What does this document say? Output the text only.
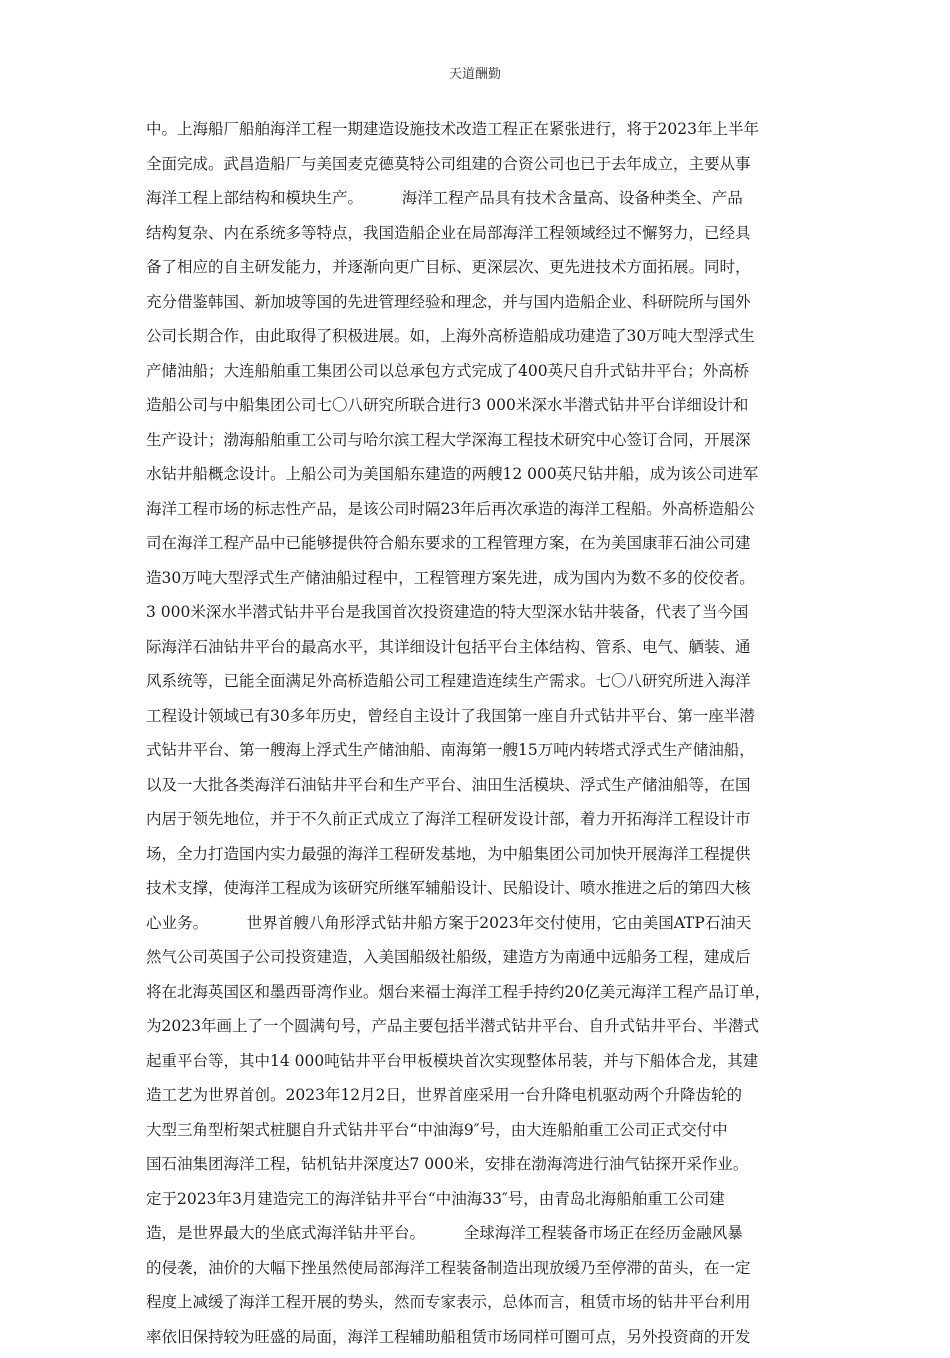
天道酬勤
中。上海船厂船舶海洋工程一期建造设施技术改造工程正在紧张进行，将于2023年上半年
全面完成。武昌造船厂与美国麦克德莫特公司组建的合资公司也已于去年成立，主要从事
海洋工程上部结构和模块生产。　　　海洋工程产品具有技术含量高、设备种类全、产品
结构复杂、内在系统多等特点，我国造船企业在局部海洋工程领域经过不懈努力，已经具
备了相应的自主研发能力，并逐渐向更广目标、更深层次、更先进技术方面拓展。同时，
充分借鉴韩国、新加坡等国的先进管理经验和理念，并与国内造船企业、科研院所与国外
公司长期合作，由此取得了积极进展。如，上海外高桥造船成功建造了30万吨大型浮式生
产储油船；大连船舶重工集团公司以总承包方式完成了400英尺自升式钻井平台；外高桥
造船公司与中船集团公司七〇八研究所联合进行3 000米深水半潜式钻井平台详细设计和
生产设计；渤海船舶重工公司与哈尔滨工程大学深海工程技术研究中心签订合同，开展深
水钻井船概念设计。上船公司为美国船东建造的两艘12 000英尺钻井船，成为该公司进军
海洋工程市场的标志性产品，是该公司时隔23年后再次承造的海洋工程船。外高桥造船公
司在海洋工程产品中已能够提供符合船东要求的工程管理方案，在为美国康菲石油公司建
造30万吨大型浮式生产储油船过程中，工程管理方案先进，成为国内为数不多的佼佼者。
3 000米深水半潜式钻井平台是我国首次投资建造的特大型深水钻井装备，代表了当今国
际海洋石油钻井平台的最高水平，其详细设计包括平台主体结构、管系、电气、舾装、通
风系统等，已能全面满足外高桥造船公司工程建造连续生产需求。七〇八研究所进入海洋
工程设计领域已有30多年历史，曾经自主设计了我国第一座自升式钻井平台、第一座半潜
式钻井平台、第一艘海上浮式生产储油船、南海第一艘15万吨内转塔式浮式生产储油船，
以及一大批各类海洋石油钻井平台和生产平台、油田生活模块、浮式生产储油船等，在国
内居于领先地位，并于不久前正式成立了海洋工程研发设计部，着力开拓海洋工程设计市
场，全力打造国内实力最强的海洋工程研发基地，为中船集团公司加快开展海洋工程提供
技术支撑，使海洋工程成为该研究所继军辅船设计、民船设计、喷水推进之后的第四大核
心业务。　　　世界首艘八角形浮式钻井船方案于2023年交付使用，它由美国ATP石油天
然气公司英国子公司投资建造，入美国船级社船级，建造方为南通中远船务工程，建成后
将在北海英国区和墨西哥湾作业。烟台来福士海洋工程手持约20亿美元海洋工程产品订单，
为2023年画上了一个圆满句号，产品主要包括半潜式钻井平台、自升式钻井平台、半潜式
起重平台等，其中14 000吨钻井平台甲板模块首次实现整体吊装，并与下船体合龙，其建
造工艺为世界首创。2023年12月2日，世界首座采用一台升降电机驱动两个升降齿轮的
大型三角型桁架式桩腿自升式钻井平台“中油海9″号，由大连船舶重工公司正式交付中
国石油集团海洋工程，钻机钻井深度达7 000米，安排在渤海湾进行油气钻探开采作业。
定于2023年3月建造完工的海洋钻井平台“中油海33″号，由青岛北海船舶重工公司建
造，是世界最大的坐底式海洋钻井平台。　　　全球海洋工程装备市场正在经历金融风暴
的侵袭，油价的大幅下挫虽然使局部海洋工程装备制造出现放缓乃至停滞的苗头，在一定
程度上减缓了海洋工程开展的势头，然而专家表示，总体而言，租赁市场的钻井平台利用
率依旧保持较为旺盛的局面，海洋工程辅助船租赁市场同样可圈可点，另外投资商的开发
